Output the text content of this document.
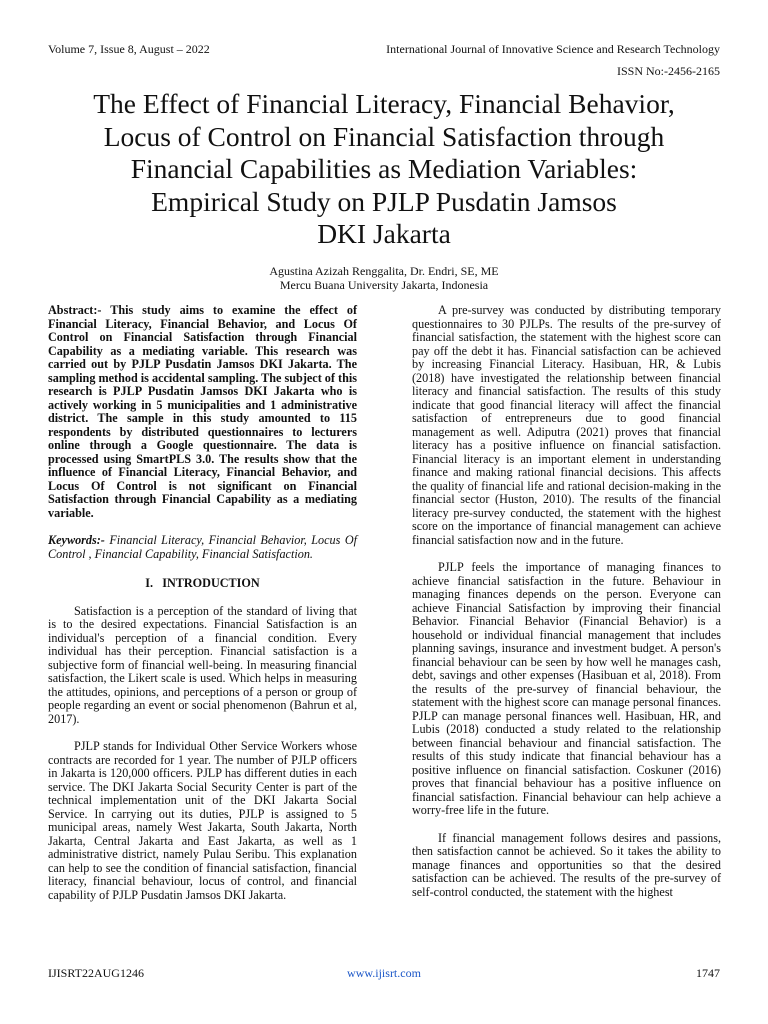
Volume 7, Issue 8, August – 2022	International Journal of Innovative Science and Research Technology
ISSN No:-2456-2165
The Effect of Financial Literacy, Financial Behavior,
Locus of Control on Financial Satisfaction through
Financial Capabilities as Mediation Variables:
Empirical Study on PJLP Pusdatin Jamsos
DKI Jakarta
Agustina Azizah Renggalita, Dr. Endri, SE, ME
Mercu Buana University Jakarta, Indonesia

Abstract:- This study aims to examine the effect of Financial Literacy, Financial Behavior, and Locus Of Control on Financial Satisfaction through Financial Capability as a mediating variable. This research was carried out by PJLP Pusdatin Jamsos DKI Jakarta. The sampling method is accidental sampling. The subject of this research is PJLP Pusdatin Jamsos DKI Jakarta who is actively working in 5 municipalities and 1 administrative district. The sample in this study amounted to 115 respondents by distributed questionnaires to lecturers online through a Google questionnaire. The data is processed using SmartPLS 3.0. The results show that the influence of Financial Literacy, Financial Behavior, and Locus Of Control is not significant on Financial Satisfaction through Financial Capability as a mediating variable.

Keywords:- Financial Literacy, Financial Behavior, Locus Of Control , Financial Capability, Financial Satisfaction.

I.   INTRODUCTION

Satisfaction is a perception of the standard of living that is to the desired expectations. Financial Satisfaction is an individual's perception of a financial condition. Every individual has their perception. Financial satisfaction is a subjective form of financial well-being. In measuring financial satisfaction, the Likert scale is used. Which helps in measuring the attitudes, opinions, and perceptions of a person or group of people regarding an event or social phenomenon (Bahrun et al, 2017).

PJLP stands for Individual Other Service Workers whose contracts are recorded for 1 year. The number of PJLP officers in Jakarta is 120,000 officers. PJLP has different duties in each service. The DKI Jakarta Social Security Center is part of the technical implementation unit of the DKI Jakarta Social Service. In carrying out its duties, PJLP is assigned to 5 municipal areas, namely West Jakarta, South Jakarta, North Jakarta, Central Jakarta and East Jakarta, as well as 1 administrative district, namely Pulau Seribu. This explanation can help to see the condition of financial satisfaction, financial literacy, financial behaviour, locus of control, and financial capability of PJLP Pusdatin Jamsos DKI Jakarta.

A pre-survey was conducted by distributing temporary questionnaires to 30 PJLPs. The results of the pre-survey of financial satisfaction, the statement with the highest score can pay off the debt it has. Financial satisfaction can be achieved by increasing Financial Literacy. Hasibuan, HR, & Lubis (2018) have investigated the relationship between financial literacy and financial satisfaction. The results of this study indicate that good financial literacy will affect the financial satisfaction of entrepreneurs due to good financial management as well. Adiputra (2021) proves that financial literacy has a positive influence on financial satisfaction. Financial literacy is an important element in understanding finance and making rational financial decisions. This affects the quality of financial life and rational decision-making in the financial sector (Huston, 2010). The results of the financial literacy pre-survey conducted, the statement with the highest score on the importance of financial management can achieve financial satisfaction now and in the future.

PJLP feels the importance of managing finances to achieve financial satisfaction in the future. Behaviour in managing finances depends on the person. Everyone can achieve Financial Satisfaction by improving their financial Behavior. Financial Behavior (Financial Behavior) is a household or individual financial management that includes planning savings, insurance and investment budget. A person's financial behaviour can be seen by how well he manages cash, debt, savings and other expenses (Hasibuan et al, 2018). From the results of the pre-survey of financial behaviour, the statement with the highest score can manage personal finances. PJLP can manage personal finances well. Hasibuan, HR, and Lubis (2018) conducted a study related to the relationship between financial behaviour and financial satisfaction. The results of this study indicate that financial behaviour has a positive influence on financial satisfaction. Coskuner (2016) proves that financial behaviour has a positive influence on financial satisfaction. Financial behaviour can help achieve a worry-free life in the future.

If financial management follows desires and passions, then satisfaction cannot be achieved. So it takes the ability to manage finances and opportunities so that the desired satisfaction can be achieved. The results of the pre-survey of self-control conducted, the statement with the highest

IJISRT22AUG1246	www.ijisrt.com	1747
